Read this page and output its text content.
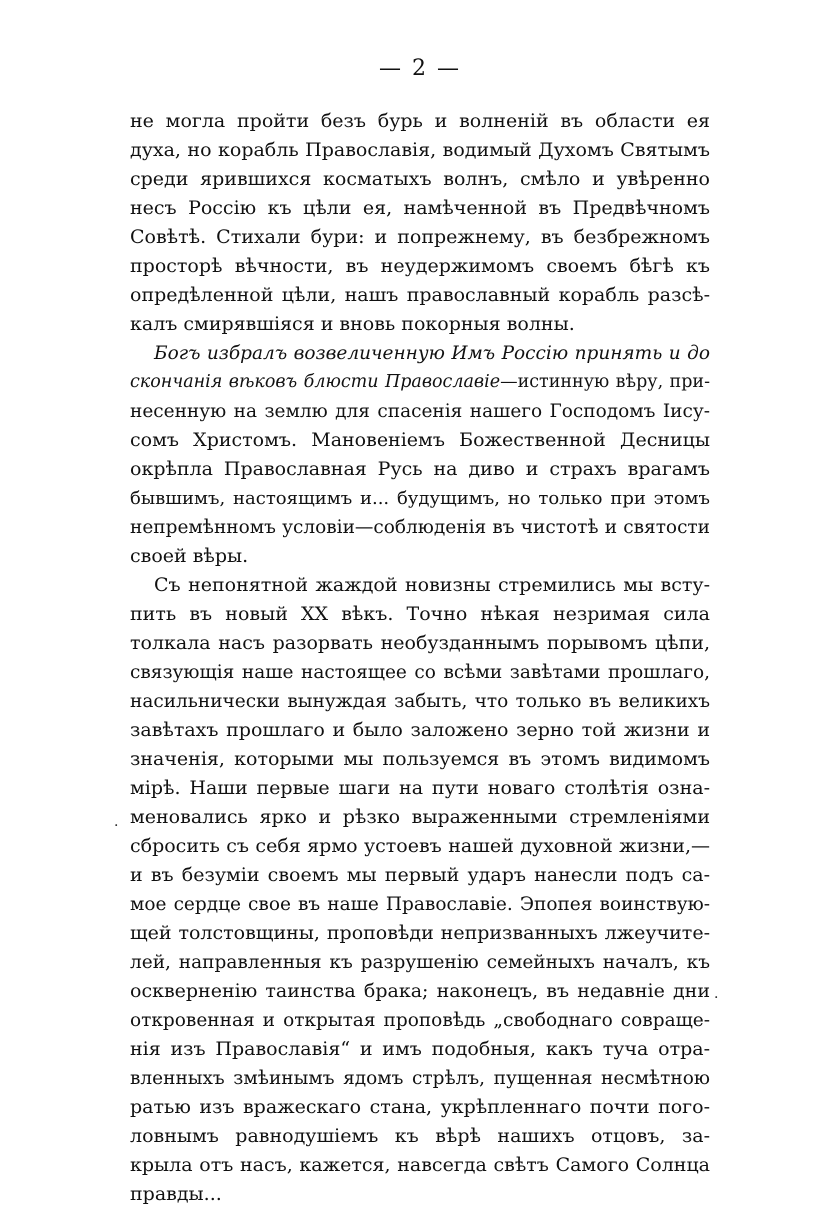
— 2 —
не могла пройти безъ бурь и волненій въ области ея
духа, но корабль Православія, водимый Духомъ Святымъ
среди ярившихся косматыхъ волнъ, смѣло и увѣренно
несъ Россію къ цѣли ея, намѣченной въ Предвѣчномъ
Совѣтѣ. Стихали бури: и попрежнему, въ безбрежномъ
просторѣ вѣчности, въ неудержимомъ своемъ бѣгѣ къ
опредѣленной цѣли, нашъ православный корабль разсѣ-
калъ смирявшіяся и вновь покорныя волны.
Богъ избралъ возвеличенную Имъ Россію принять и до
скончанія вѣковъ блюсти Православіе—истинную вѣру, при-
несенную на землю для спасенія нашего Господомъ Іису-
сомъ Христомъ. Мановеніемъ Божественной Десницы
окрѣпла Православная Русь на диво и страхъ врагамъ
бывшимъ, настоящимъ и... будущимъ, но только при этомъ
непремѣнномъ условіи—соблюденія въ чистотѣ и святости
своей вѣры.
Съ непонятной жаждой новизны стремились мы всту-
пить въ новый XX вѣкъ. Точно нѣкая незримая сила
толкала насъ разорвать необузданнымъ порывомъ цѣпи,
связующія наше настоящее со всѣми завѣтами прошлаго,
насильнически вынуждая забыть, что только въ великихъ
завѣтахъ прошлаго и было заложено зерно той жизни и
значенія, которыми мы пользуемся въ этомъ видимомъ
мірѣ. Наши первые шаги на пути новаго столѣтія озна-
меновались ярко и рѣзко выраженными стремленіями
сбросить съ себя ярмо устоевъ нашей духовной жизни,—
и въ безуміи своемъ мы первый ударъ нанесли подъ са-
мое сердце свое въ наше Православіе. Эпопея воинствую-
щей толстовщины, проповѣди непризванныхъ лжеучите-
лей, направленныя къ разрушенію семейныхъ началъ, къ
оскверненію таинства брака; наконецъ, въ недавніе дни
откровенная и открытая проповѣдь „свободнаго совраще-
нія изъ Православія“ и имъ подобныя, какъ туча отра-
вленныхъ змѣинымъ ядомъ стрѣлъ, пущенная несмѣтною
ратью изъ вражескаго стана, укрѣпленнаго почти пого-
ловнымъ равнодушіемъ къ вѣрѣ нашихъ отцовъ, за-
крыла отъ насъ, кажется, навсегда свѣтъ Самого Солнца
правды...
·
·
